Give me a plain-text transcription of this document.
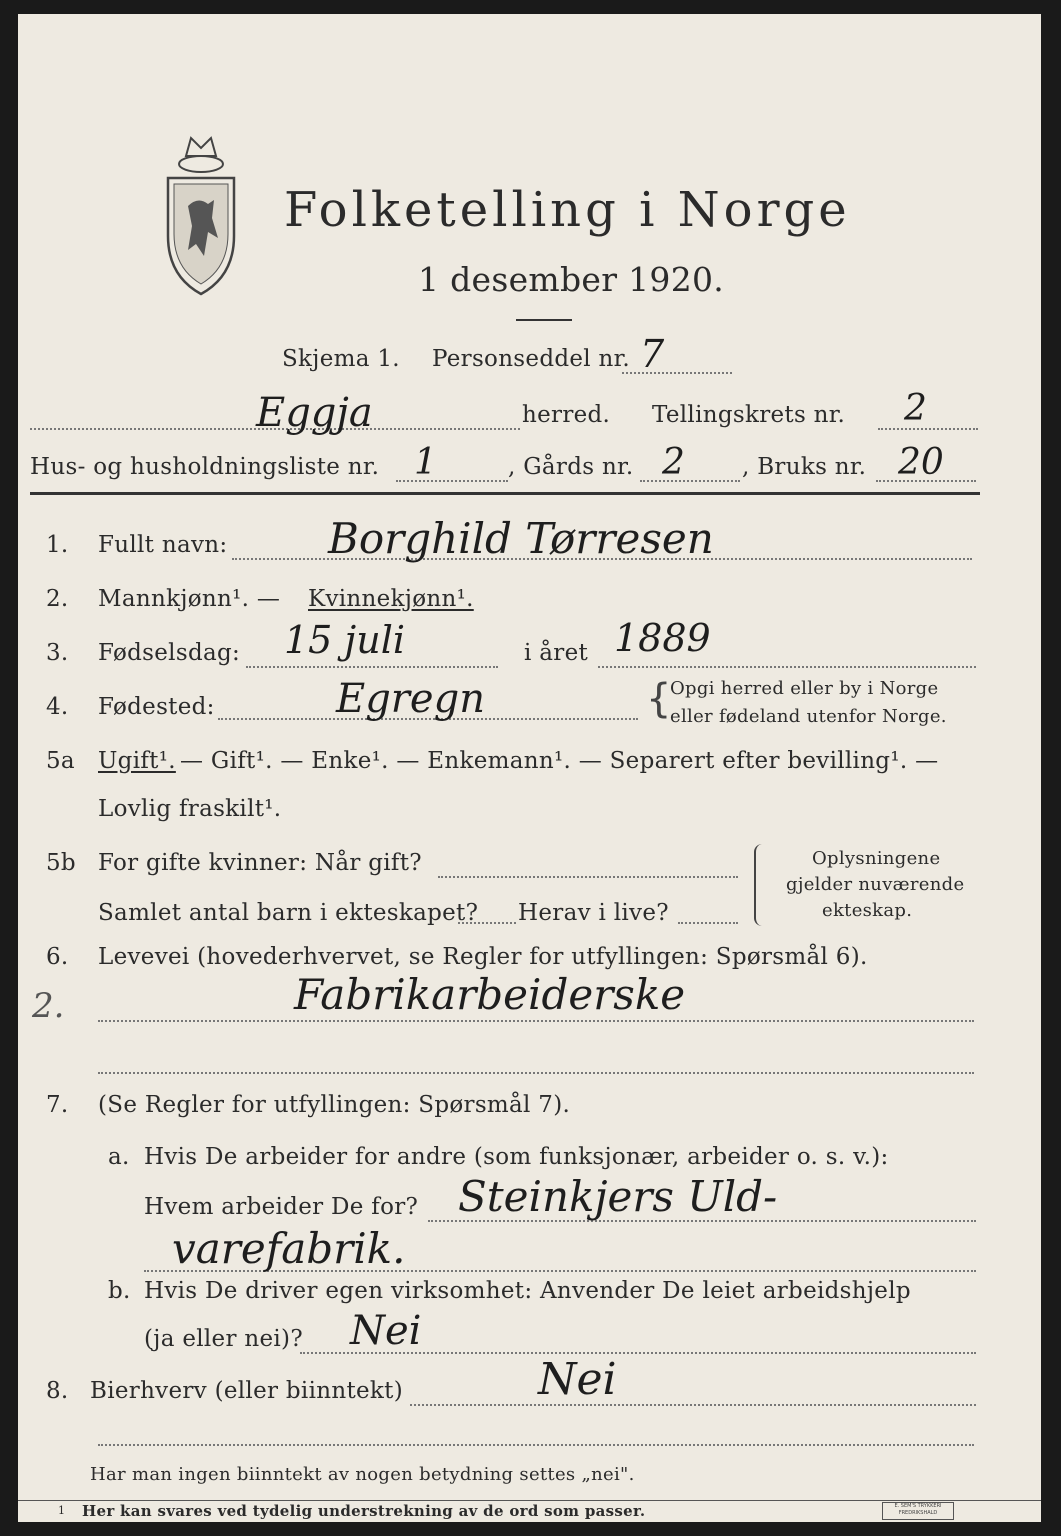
Folketelling i Norge
1 desember 1920.
Skjema 1. Personseddel nr. 7
Eggja	herred. Tellingskrets nr. 2
Hus- og husholdningsliste nr. 1	, Gårds nr. 2 , Bruks nr. 20
1. Fullt navn: Borghild Tørresen
2. Mannkjønn¹. — Kvinnekjønn¹.
3. Fødselsdag: 15 juli	i året 1889
4. Fødested:	Egregn	{
Opgi herred eller by i Norge
eller fødeland utenfor Norge.
5a Ugift¹. — Gift¹. — Enke¹. — Enkemann¹. — Separert efter bevilling¹. —
Lovlig fraskilt¹.
5b For gifte kvinner: Når gift?
Samlet antal barn i ekteskapet? Herav i live?
Oplysningene
gjelder nuværende
ekteskap.
6. Levevei (hovederhvervet, se Regler for utfyllingen: Spørsmål 6).
2.	Fabrikarbeiderske
7. (Se Regler for utfyllingen: Spørsmål 7).
a. Hvis De arbeider for andre (som funksjonær, arbeider o. s. v.):
Hvem arbeider De for? Steinkjers Uld-
varefabrik.
b. Hvis De driver egen virksomhet: Anvender De leiet arbeidshjelp
(ja eller nei)? Nei
8. Bierhverv (eller biinntekt)	Nei
Har man ingen biinntekt av nogen betydning settes „nei".
1 Her kan svares ved tydelig understrekning av de ord som passer.	E. SEM'S TRYKKERI FREDRIKSHALD
